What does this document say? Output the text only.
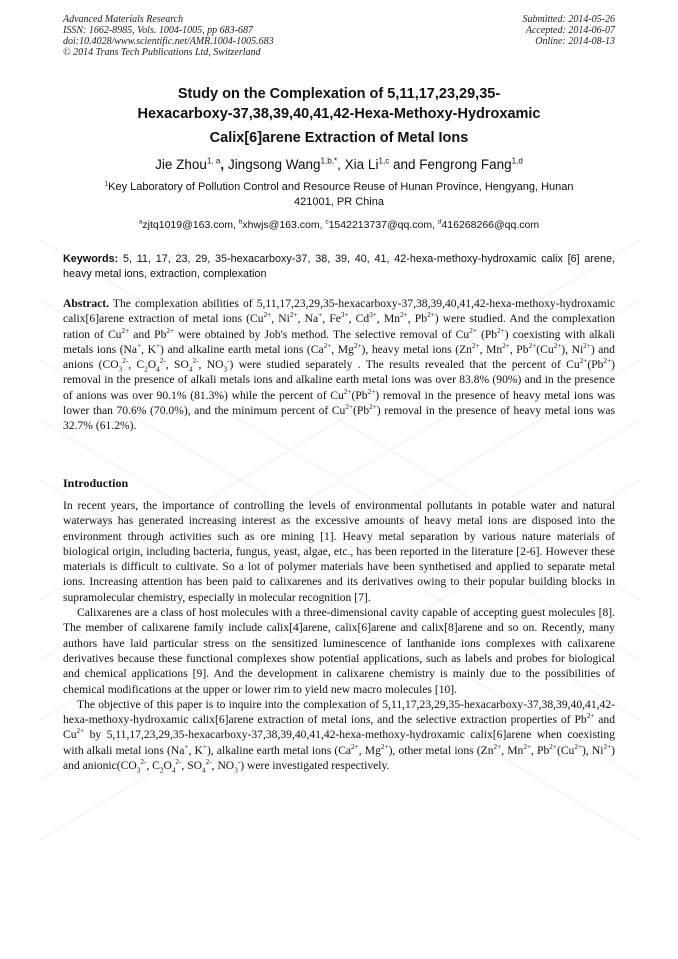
Advanced Materials Research
ISSN: 1662-8985, Vols. 1004-1005, pp 683-687
doi:10.4028/www.scientific.net/AMR.1004-1005.683
© 2014 Trans Tech Publications Ltd, Switzerland
Submitted: 2014-05-26
Accepted: 2014-06-07
Online: 2014-08-13
Study on the Complexation of 5,11,17,23,29,35-
Hexacarboxy-37,38,39,40,41,42-Hexa-Methoxy-Hydroxamic
Calix[6]arene Extraction of Metal Ions
Jie Zhou$^{1, a}$, Jingsong Wang$^{1,b,*}$, Xia Li$^{1,c}$ and Fengrong Fang$^{1,d}$
$^1$Key Laboratory of Pollution Control and Resource Reuse of Hunan Province, Hengyang, Hunan
421001, PR China
$^a$zjtq1019@163.com, $^b$xhwjs@163.com, $^c$1542213737@qq.com, $^d$416268266@qq.com
Keywords: 5, 11, 17, 23, 29, 35-hexacarboxy-37, 38, 39, 40, 41, 42-hexa-methoxy-hydroxamic calix [6] arene, heavy metal ions, extraction, complexation
Abstract. The complexation abilities of 5,11,17,23,29,35-hexacarboxy-37,38,39,40,41,42-hexa-methoxy-hydroxamic calix[6]arene extraction of metal ions ($Cu^{2+}$, $Ni^{2+}$, Na+, $Fe^{3+}$, $Cd^{3+}$, $Mn^{2+}$, $Pb^{2+}$) were studied. And the complexation ration of $Cu^{2+}$ and $Pb^{2+}$ were obtained by Job's method. The selective removal of $Cu^{2+}$ $(Pb^{2+})$ coexisting with alkali metals ions (Na+, K+) and alkaline earth metal ions ($Ca^{2+}$, $Mg^{2+}$), heavy metal ions ($Zn^{2+}$, $Mn^{2+}$, $Pb^{2+}(Cu^{2+})$, $Ni^{2+}$) and anions ($CO_3^{2-}$, $C_2O_4^{2-}$, $SO_4^{2-}$, $NO_3^-$) were studied separately . The results revealed that the percent of $Cu^{2+}(Pb^{2+})$ removal in the presence of alkali metals ions and alkaline earth metal ions was over 83.8% (90%) and in the presence of anions was over 90.1% (81.3%) while the percent of $Cu^{2+}(Pb^{2+})$ removal in the presence of heavy metal ions was lower than 70.6% (70.0%), and the minimum percent of $Cu^{2+}(Pb^{2+})$ removal in the presence of heavy metal ions was 32.7% (61.2%).
Introduction

In recent years, the importance of controlling the levels of environmental pollutants in potable water and natural waterways has generated increasing interest as the excessive amounts of heavy metal ions are disposed into the environment through activities such as ore mining [1]. Heavy metal separation by various nature materials of biological origin, including bacteria, fungus, yeast, algae, etc., has been reported in the literature [2-6]. However these materials is difficult to cultivate. So a lot of polymer materials have been synthetised and applied to separate metal ions. Increasing attention has been paid to calixarenes and its derivatives owing to their popular building blocks in supramolecular chemistry, especially in molecular recognition [7].

Calixarenes are a class of host molecules with a three-dimensional cavity capable of accepting guest molecules [8]. The member of calixarene family include calix[4]arene, calix[6]arene and calix[8]arene and so on. Recently, many authors have laid particular stress on the sensitized luminescence of lanthanide ions complexes with calixarene derivatives because these functional complexes show potential applications, such as labels and probes for biological and chemical applications [9]. And the development in calixarene chemistry is mainly due to the possibilities of chemical modifications at the upper or lower rim to yield new macro molecules [10].

The objective of this paper is to inquire into the complexation of 5,11,17,23,29,35-hexacarboxy-37,38,39,40,41,42-hexa-methoxy-hydroxamic calix[6]arene extraction of metal ions, and the selective extraction properties of $Pb^{2+}$ and $Cu^{2+}$ by 5,11,17,23,29,35-hexacarboxy-37,38,39,40,41,42-hexa-methoxy-hydroxamic calix[6]arene when coexisting with alkali metal ions (Na+, K+), alkaline earth metal ions ($Ca^{2+}$, $Mg^{2+}$), other metal ions ($Zn^{2+}$, $Mn^{2+}$, $Pb^{2+}(Cu^{2+})$, $Ni^{2+}$) and $anionic(CO_3^{2-}$, $C_2O_4^{2-}$, $SO_4^{2-}$, $NO_3^-$) were investigated respectively.
